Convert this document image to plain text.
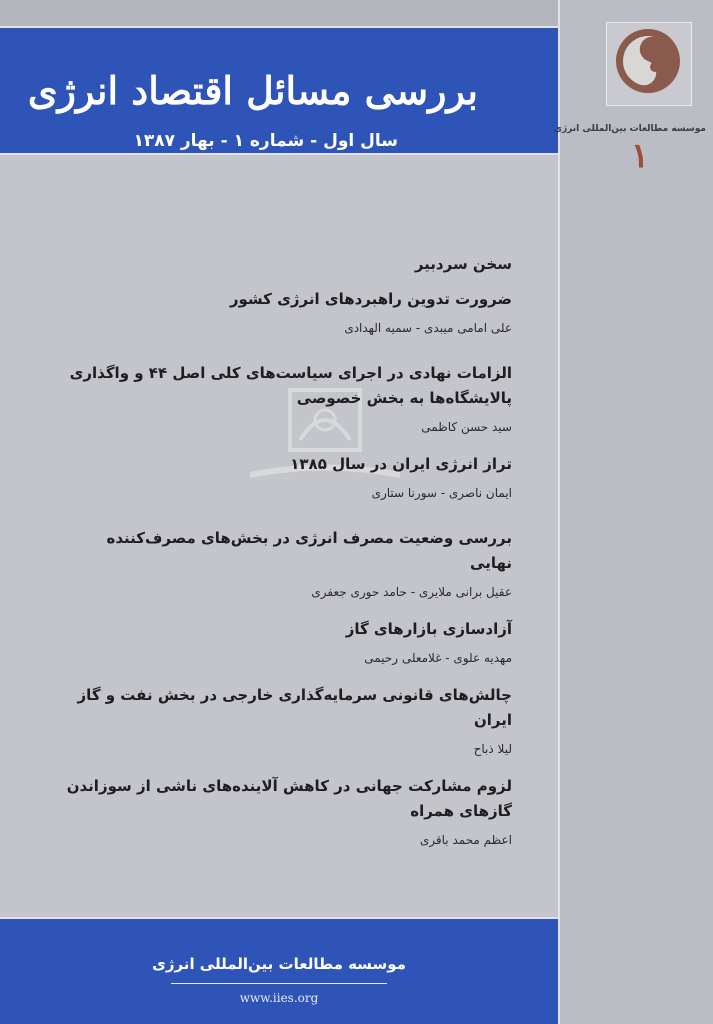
بررسی مسائل اقتصاد انرژی
سال اول - شماره ۱ - بهار ۱۳۸۷
سخن سردبیر
ضرورت تدوین راهبردهای انرژی کشور
علی امامی میبدی - سمیه الهدادی
الزامات نهادی در اجرای سیاست‌های کلی اصل ۴۴ و واگذاری پالایشگاه‌ها به بخش خصوصی
سید حسن کاظمی
تراز انرژی ایران در سال ۱۳۸۵
ایمان ناصری - سورنا ستاری
بررسی وضعیت مصرف انرژی در بخش‌های مصرف‌کننده نهایی
عقیل برانی ملایری - حامد حوری جعفری
آزادسازی بازارهای گاز
مهدیه علوی - غلامعلی رحیمی
چالش‌های قانونی سرمایه‌گذاری خارجی در بخش نفت و گاز ایران
لیلا ذباح
لزوم مشارکت جهانی در کاهش آلاینده‌های ناشی از سوزاندن گازهای همراه
اعظم محمد باقری
موسسه مطالعات بین‌المللی انرژی
www.iies.org
موسسه مطالعات بین‌المللی انرژی
۱
